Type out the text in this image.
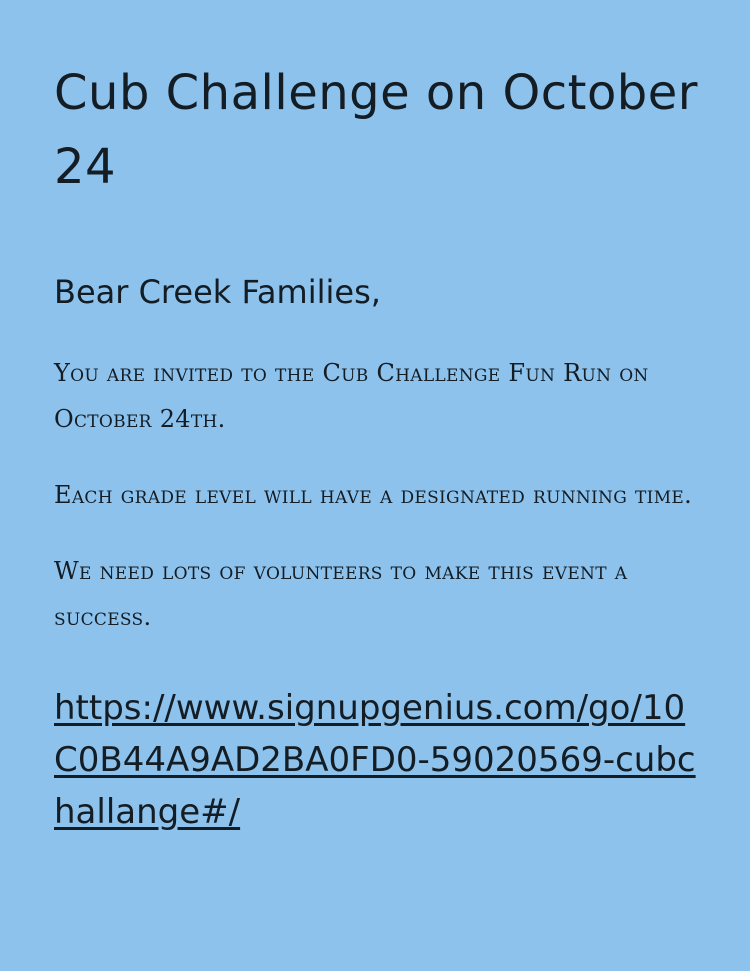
Cub Challenge on October 24
Bear Creek Families,

You are invited to the Cub Challenge Fun Run on October 24th.

Each grade level will have a designated running time.

We need lots of volunteers to make this event a success.

https://www.signupgenius.com/go/10C0B44A9AD2BA0FD0-59020569-cubchallange#/
